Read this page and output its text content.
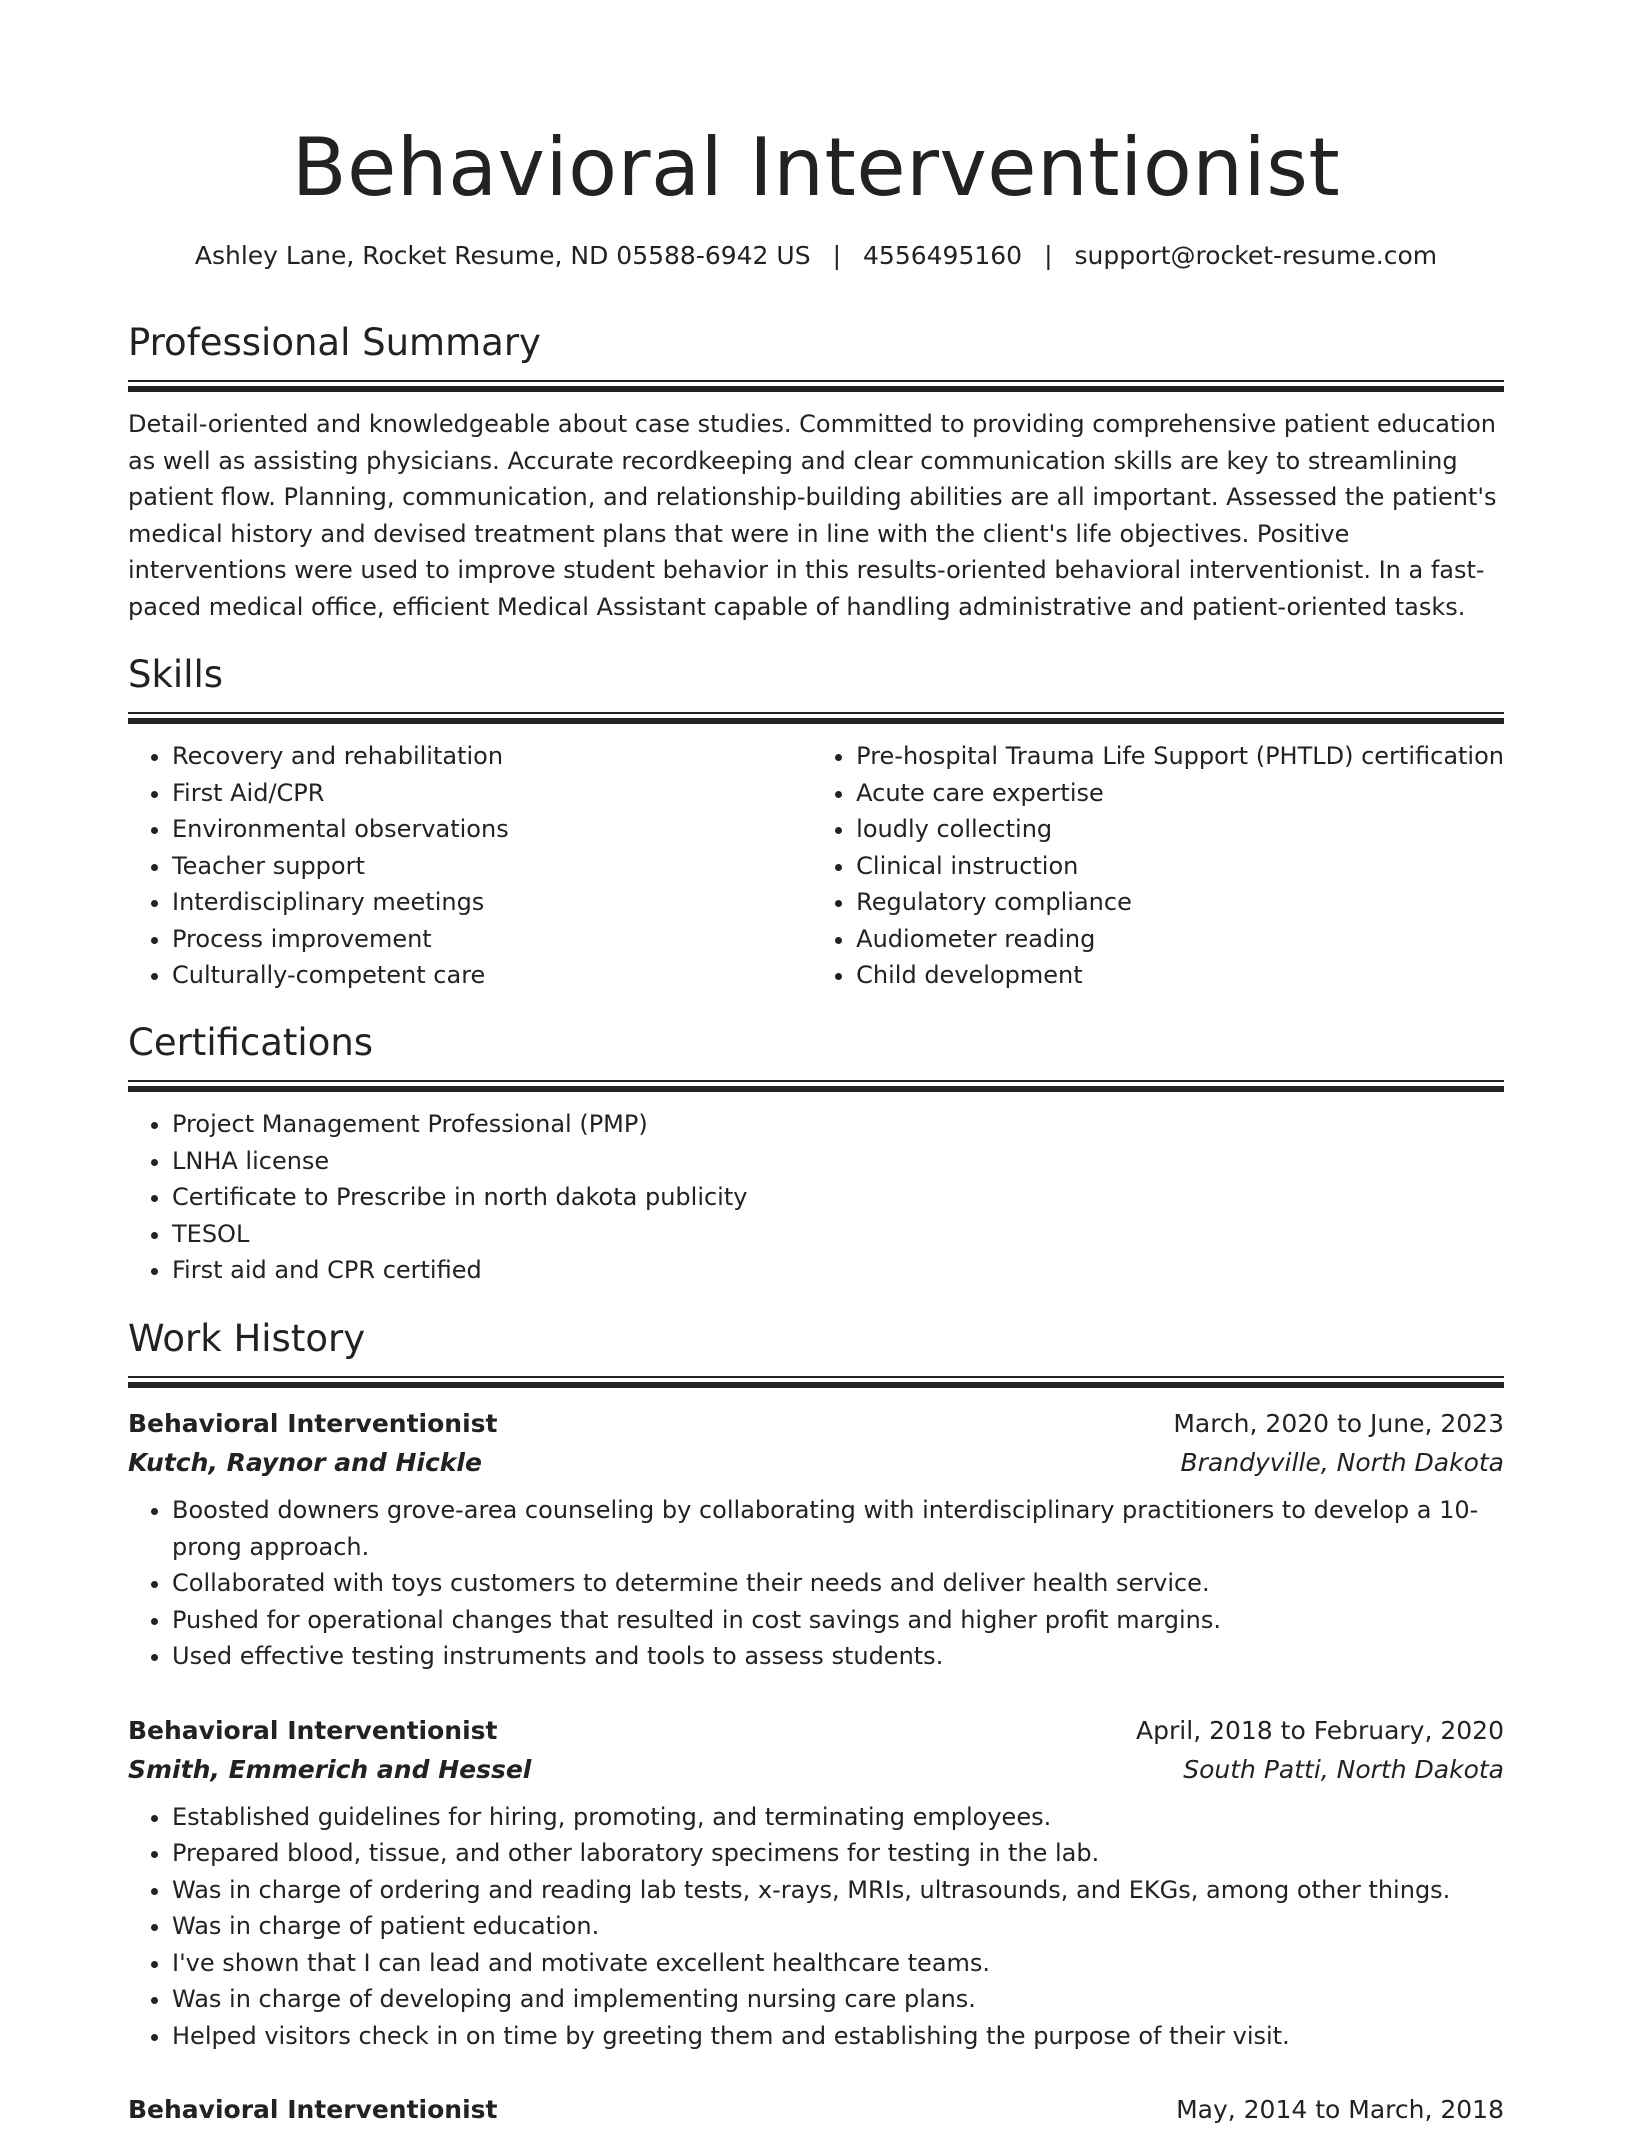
Behavioral Interventionist
Ashley Lane, Rocket Resume, ND 05588-6942 US | 4556495160 | support@rocket-resume.com
Professional Summary

Detail-oriented and knowledgeable about case studies. Committed to providing comprehensive patient education as well as assisting physicians. Accurate recordkeeping and clear communication skills are key to streamlining patient flow. Planning, communication, and relationship-building abilities are all important. Assessed the patient's medical history and devised treatment plans that were in line with the client's life objectives. Positive interventions were used to improve student behavior in this results-oriented behavioral interventionist. In a fast-paced medical office, efficient Medical Assistant capable of handling administrative and patient-oriented tasks.

Skills
• Recovery and rehabilitation
• First Aid/CPR
• Environmental observations
• Teacher support
• Interdisciplinary meetings
• Process improvement
• Culturally-competent care
• Pre-hospital Trauma Life Support (PHTLD) certification
• Acute care expertise
• loudly collecting
• Clinical instruction
• Regulatory compliance
• Audiometer reading
• Child development
Certifications
• Project Management Professional (PMP)
• LNHA license
• Certificate to Prescribe in north dakota publicity
• TESOL
• First aid and CPR certified
Work History
Behavioral Interventionist	March, 2020 to June, 2023
Kutch, Raynor and Hickle	Brandyville, North Dakota
• Boosted downers grove-area counseling by collaborating with interdisciplinary practitioners to develop a 10-prong approach.
• Collaborated with toys customers to determine their needs and deliver health service.
• Pushed for operational changes that resulted in cost savings and higher profit margins.
• Used effective testing instruments and tools to assess students.
Behavioral Interventionist	April, 2018 to February, 2020
Smith, Emmerich and Hessel	South Patti, North Dakota
• Established guidelines for hiring, promoting, and terminating employees.
• Prepared blood, tissue, and other laboratory specimens for testing in the lab.
• Was in charge of ordering and reading lab tests, x-rays, MRIs, ultrasounds, and EKGs, among other things.
• Was in charge of patient education.
• I've shown that I can lead and motivate excellent healthcare teams.
• Was in charge of developing and implementing nursing care plans.
• Helped visitors check in on time by greeting them and establishing the purpose of their visit.
Behavioral Interventionist	May, 2014 to March, 2018
